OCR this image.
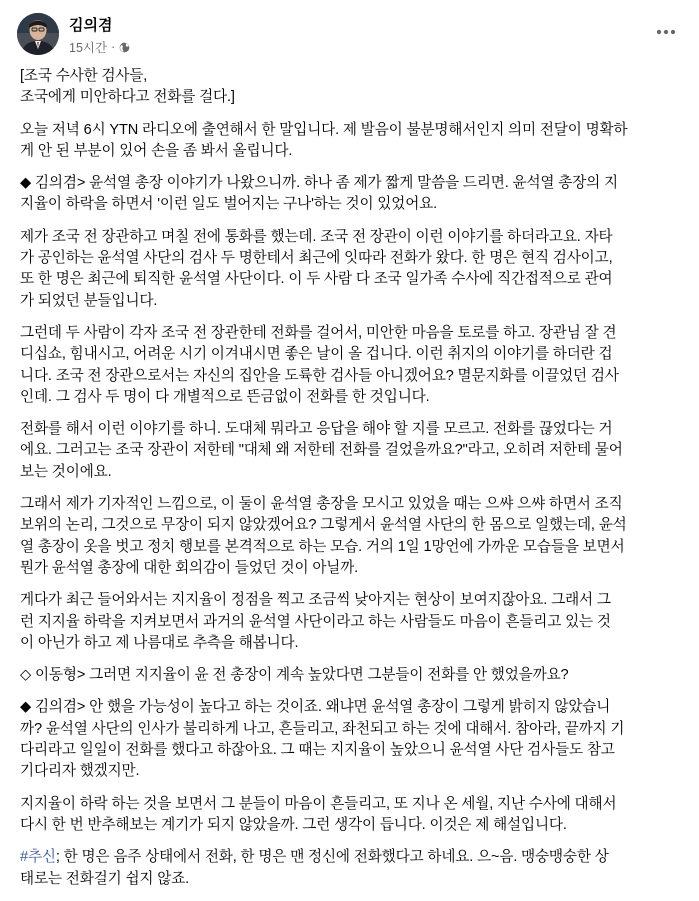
김의겸
15시간 ·

[조국 수사한 검사들,
조국에게 미안하다고 전화를 걸다.]

오늘 저녁 6시 YTN 라디오에 출연해서 한 말입니다. 제 발음이 불분명해서인지 의미 전달이 명확하
게 안 된 부분이 있어 손을 좀 봐서 올립니다.

◆ 김의겸> 윤석열 총장 이야기가 나왔으니까. 하나 좀 제가 짧게 말씀을 드리면. 윤석열 총장의 지
지율이 하락을 하면서 '이런 일도 벌어지는 구나'하는 것이 있었어요.

제가 조국 전 장관하고 며칠 전에 통화를 했는데. 조국 전 장관이 이런 이야기를 하더라고요. 자타
가 공인하는 윤석열 사단의 검사 두 명한테서 최근에 잇따라 전화가 왔다. 한 명은 현직 검사이고,
또 한 명은 최근에 퇴직한 윤석열 사단이다. 이 두 사람 다 조국 일가족 수사에 직간접적으로 관여
가 되었던 분들입니다.

그런데 두 사람이 각자 조국 전 장관한테 전화를 걸어서, 미안한 마음을 토로를 하고. 장관님 잘 견
디십쇼, 힘내시고, 어려운 시기 이겨내시면 좋은 날이 올 겁니다. 이런 취지의 이야기를 하더란 겁
니다. 조국 전 장관으로서는 자신의 집안을 도륙한 검사들 아니겠어요? 멸문지화를 이끌었던 검사
인데. 그 검사 두 명이 다 개별적으로 뜬금없이 전화를 한 것입니다.

전화를 해서 이런 이야기를 하니. 도대체 뭐라고 응답을 해야 할 지를 모르고. 전화를 끊었다는 거
에요. 그러고는 조국 장관이 저한테 "대체 왜 저한테 전화를 걸었을까요?"라고, 오히려 저한테 물어
보는 것이에요.

그래서 제가 기자적인 느낌으로, 이 둘이 윤석열 총장을 모시고 있었을 때는 으쌰 으쌰 하면서 조직
보위의 논리, 그것으로 무장이 되지 않았겠어요? 그렇게서 윤석열 사단의 한 몸으로 일했는데, 윤석
열 총장이 옷을 벗고 정치 행보를 본격적으로 하는 모습. 거의 1일 1망언에 가까운 모습들을 보면서
뭔가 윤석열 총장에 대한 회의감이 들었던 것이 아닐까.

게다가 최근 들어와서는 지지율이 정점을 찍고 조금씩 낮아지는 현상이 보여지잖아요. 그래서 그
런 지지율 하락을 지켜보면서 과거의 윤석열 사단이라고 하는 사람들도 마음이 흔들리고 있는 것
이 아닌가 하고 제 나름대로 추측을 해봅니다.

◇ 이동형> 그러면 지지율이 윤 전 총장이 계속 높았다면 그분들이 전화를 안 했었을까요?

◆ 김의겸> 안 했을 가능성이 높다고 하는 것이죠. 왜냐면 윤석열 총장이 그렇게 밝히지 않았습니
까? 윤석열 사단의 인사가 불리하게 나고, 흔들리고, 좌천되고 하는 것에 대해서. 참아라, 끝까지 기
다리라고 일일이 전화를 했다고 하잖아요. 그 때는 지지율이 높았으니 윤석열 사단 검사들도 참고
기다리자 했겠지만.

지지율이 하락 하는 것을 보면서 그 분들이 마음이 흔들리고, 또 지나 온 세월, 지난 수사에 대해서
다시 한 번 반추해보는 계기가 되지 않았을까. 그런 생각이 듭니다. 이것은 제 해설입니다.

#추신; 한 명은 음주 상태에서 전화, 한 명은 맨 정신에 전화했다고 하네요. 으~음. 맹숭맹숭한 상
태로는 전화걸기 쉽지 않죠.
